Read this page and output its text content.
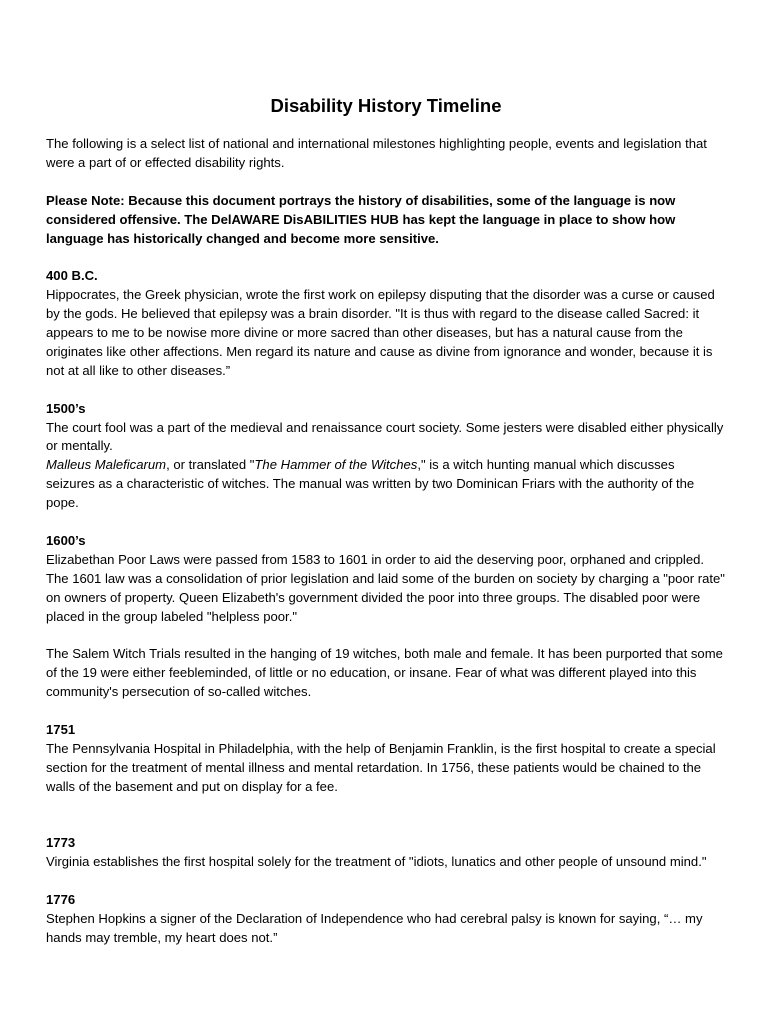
Disability History Timeline

The following is a select list of national and international milestones highlighting people, events and legislation that were a part of or effected disability rights.

Please Note: Because this document portrays the history of disabilities, some of the language is now considered offensive. The DelAWARE DisABILITIES HUB has kept the language in place to show how language has historically changed and become more sensitive.

400 B.C.

Hippocrates, the Greek physician, wrote the first work on epilepsy disputing that the disorder was a curse or caused by the gods. He believed that epilepsy was a brain disorder. "It is thus with regard to the disease called Sacred: it appears to me to be nowise more divine or more sacred than other diseases, but has a natural cause from the originates like other affections. Men regard its nature and cause as divine from ignorance and wonder, because it is not at all like to other diseases.”

1500’s

The court fool was a part of the medieval and renaissance court society. Some jesters were disabled either physically or mentally.

Malleus Maleficarum, or translated "The Hammer of the Witches," is a witch hunting manual which discusses seizures as a characteristic of witches. The manual was written by two Dominican Friars with the authority of the pope.

1600’s

Elizabethan Poor Laws were passed from 1583 to 1601 in order to aid the deserving poor, orphaned and crippled. The 1601 law was a consolidation of prior legislation and laid some of the burden on society by charging a "poor rate" on owners of property. Queen Elizabeth's government divided the poor into three groups. The disabled poor were placed in the group labeled "helpless poor."

The Salem Witch Trials resulted in the hanging of 19 witches, both male and female. It has been purported that some of the 19 were either feebleminded, of little or no education, or insane. Fear of what was different played into this community's persecution of so-called witches.

1751

The Pennsylvania Hospital in Philadelphia, with the help of Benjamin Franklin, is the first hospital to create a special section for the treatment of mental illness and mental retardation. In 1756, these patients would be chained to the walls of the basement and put on display for a fee.

1773

Virginia establishes the first hospital solely for the treatment of "idiots, lunatics and other people of unsound mind."

1776

Stephen Hopkins a signer of the Declaration of Independence who had cerebral palsy is known for saying, “… my hands may tremble, my heart does not.”
